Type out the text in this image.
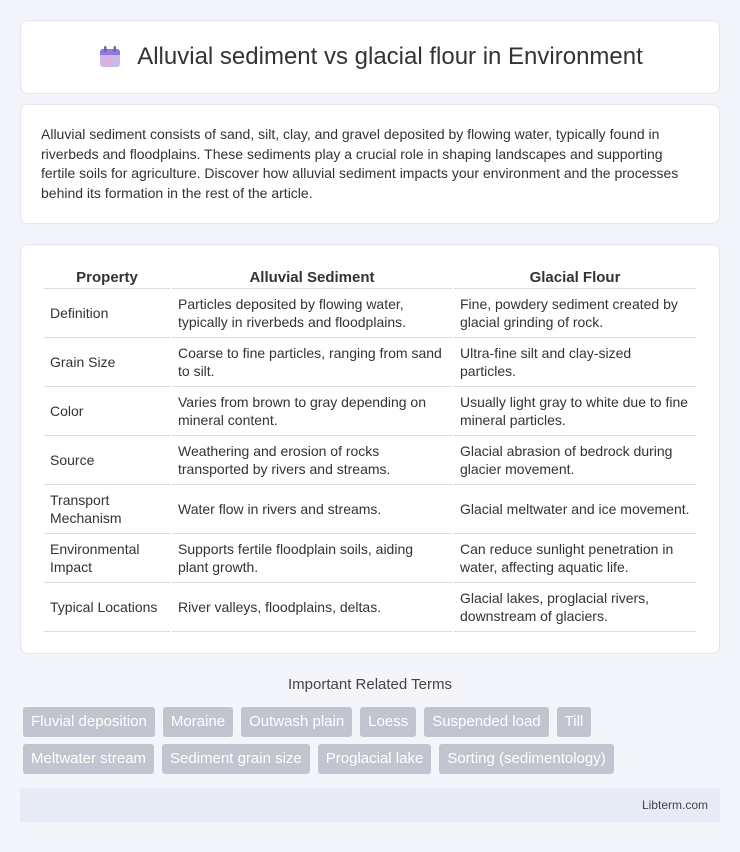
Alluvial sediment vs glacial flour in Environment

Alluvial sediment consists of sand, silt, clay, and gravel deposited by flowing water, typically found in riverbeds and floodplains. These sediments play a crucial role in shaping landscapes and supporting fertile soils for agriculture. Discover how alluvial sediment impacts your environment and the processes behind its formation in the rest of the article.

Property	Alluvial Sediment	Glacial Flour
Definition	Particles deposited by flowing water, typically in riverbeds and floodplains.	Fine, powdery sediment created by glacial grinding of rock.
Grain Size	Coarse to fine particles, ranging from sand to silt.	Ultra-fine silt and clay-sized particles.
Color	Varies from brown to gray depending on mineral content.	Usually light gray to white due to fine mineral particles.
Source	Weathering and erosion of rocks transported by rivers and streams.	Glacial abrasion of bedrock during glacier movement.
Transport Mechanism	Water flow in rivers and streams.	Glacial meltwater and ice movement.
Environmental Impact	Supports fertile floodplain soils, aiding plant growth.	Can reduce sunlight penetration in water, affecting aquatic life.
Typical Locations	River valleys, floodplains, deltas.	Glacial lakes, proglacial rivers, downstream of glaciers.
Important Related Terms
Fluvial deposition	Moraine	Outwash plain	Loess	Suspended load	Till
Meltwater stream	Sediment grain size	Proglacial lake	Sorting (sedimentology)
Libterm.com
